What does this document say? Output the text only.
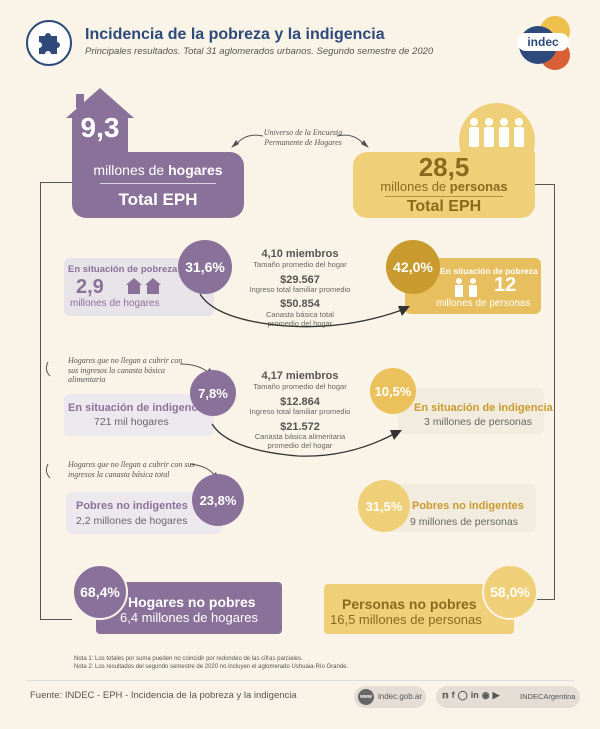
Incidencia de la pobreza y la indigencia
Principales resultados. Total 31 aglomerados urbanos. Segundo semestre de 2020
indec
9,3
millones de hogares
Total EPH
Universo de la Encuesta Permanente de Hogares
28,5
millones de personas
Total EPH
En situación de pobreza 31,6%
2,9
millones de hogares
4,10 miembros
Tamaño promedio del hogar
$29.567
Ingreso total familiar promedio
$50.854
Canasta básica total promedio del hogar
42,0% En situación de pobreza
12
millones de personas
Hogares que no llegan a cubrir con sus ingresos la canasta básica alimentaria
7,8%
En situación de indigencia
721 mil hogares
4,17 miembros
Tamaño promedio del hogar
$12.864
Ingreso total familiar promedio
$21.572
Canasta básica alimentaria promedio del hogar
10,5%
En situación de indigencia
3 millones de personas
Hogares que no llegan a cubrir con sus ingresos la canasta básica total
Pobres no indigentes
2,2 millones de hogares
23,8%	31,5% Pobres no indigentes
9 millones de personas
68,4%
Hogares no pobres
6,4 millones de hogares
58,0%
Personas no pobres
16,5 millones de personas
Nota 1: Los totales por suma pueden no coincidir por redondeo de las cifras parciales.
Nota 2: Los resultados del segundo semestre de 2020 no incluyen el aglomerado Ushuaia-Río Grande.
Fuente: INDEC - EPH - Incidencia de la pobreza y la indigencia	www indec.gob.ar 𝕟 f ◯ in ◉ ▶	INDECArgentina
